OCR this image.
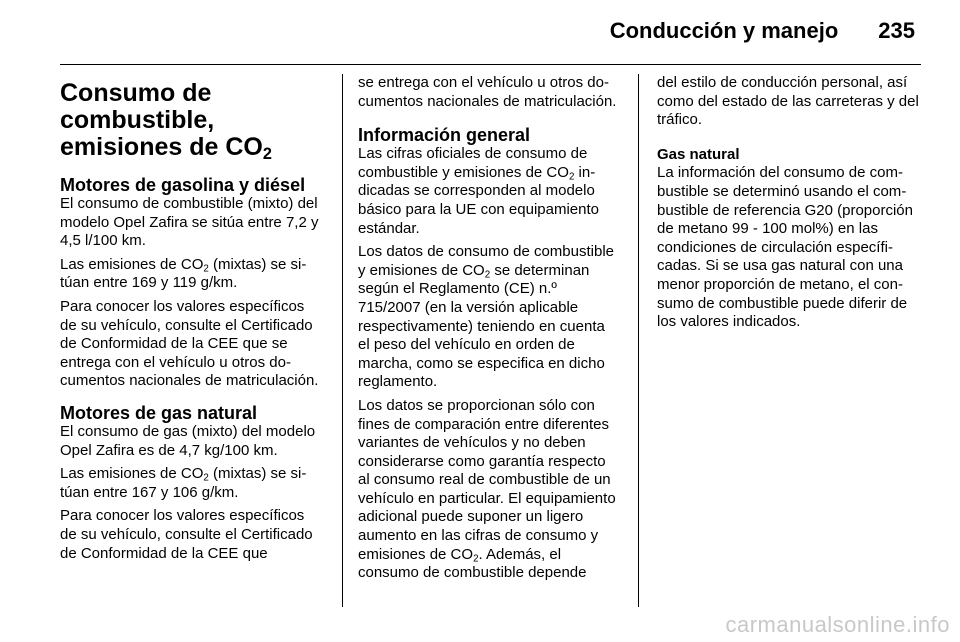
Conducción y manejo 235
Consumo de combustible,
emisiones de $CO_2$
Motores de gasolina y diésel

El consumo de combustible (mixto) del modelo Opel Zafira se sitúa entre 7,2 y 4,5 l/100 km.

Las emisiones de $CO_2$ (mixtas) se sitúan entre 169 y 119 g/km.

Para conocer los valores específicos de su vehículo, consulte el Certificado de Conformidad de la CEE que se entrega con el vehículo u otros documentos nacionales de matriculación.

Motores de gas natural

El consumo de gas (mixto) del modelo Opel Zafira es de 4,7 kg/100 km.

Las emisiones de $CO_2$ (mixtas) se sitúan entre 167 y 106 g/km.

Para conocer los valores específicos de su vehículo, consulte el Certificado de Conformidad de la CEE que

se entrega con el vehículo u otros documentos nacionales de matriculación.

Información general

Las cifras oficiales de consumo de combustible y emisiones de $CO_2$ indicadas se corresponden al modelo básico para la UE con equipamiento estándar.

Los datos de consumo de combustible y emisiones de $CO_2$ se determinan según el Reglamento (CE) n.º 715/2007 (en la versión aplicable respectivamente) teniendo en cuenta el peso del vehículo en orden de marcha, como se especifica en dicho reglamento.

Los datos se proporcionan sólo con fines de comparación entre diferentes variantes de vehículos y no deben considerarse como garantía respecto al consumo real de combustible de un vehículo en particular. El equipamiento adicional puede suponer un ligero aumento en las cifras de consumo y emisiones de $CO_2$. Además, el consumo de combustible depende

del estilo de conducción personal, así como del estado de las carreteras y del tráfico.

Gas natural

La información del consumo de combustible se determinó usando el combustible de referencia G20 (proporción de metano 99 - 100 mol%) en las condiciones de circulación específicadas. Si se usa gas natural con una menor proporción de metano, el consumo de combustible puede diferir de los valores indicados.

carmanualsonline.info
